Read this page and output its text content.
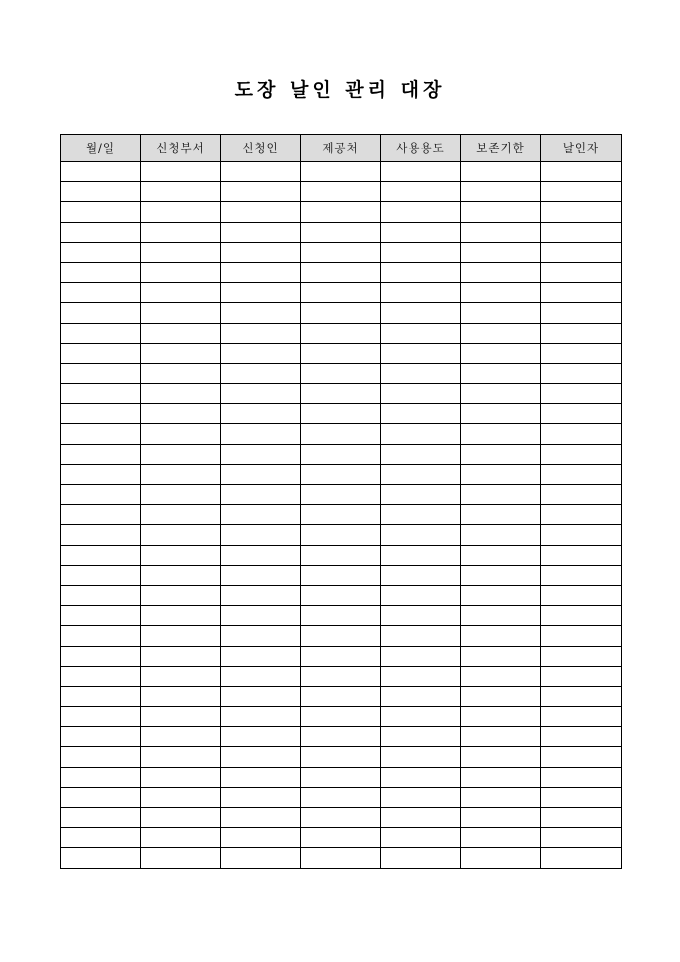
도장 날인 관리 대장
월/일	신청부서	신청인	제공처	사용용도	보존기한	날인자
